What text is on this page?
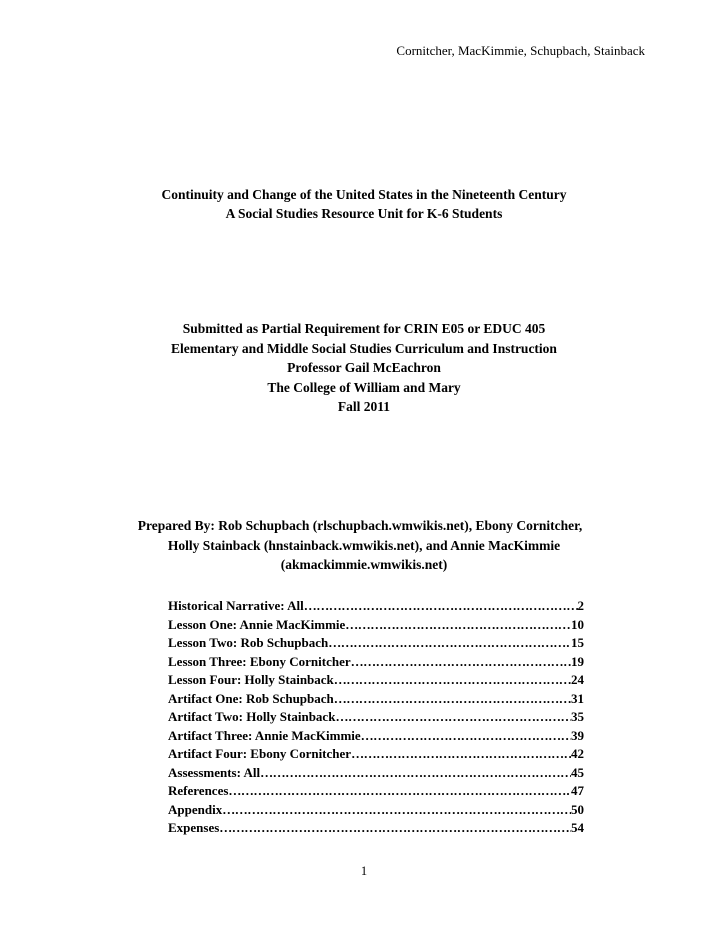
Cornitcher, MacKimmie, Schupbach, Stainback
Continuity and Change of the United States in the Nineteenth Century
A Social Studies Resource Unit for K-6 Students
Submitted as Partial Requirement for CRIN E05 or EDUC 405
Elementary and Middle Social Studies Curriculum and Instruction
Professor Gail McEachron
The College of William and Mary
Fall 2011
Prepared By: Rob Schupbach (rlschupbach.wmwikis.net), Ebony Cornitcher,
Holly Stainback (hnstainback.wmwikis.net), and Annie MacKimmie
(akmackimmie.wmwikis.net)
Historical Narrative: All ……………………………………………………………………………………………………	2
Lesson One: Annie MacKimmie ……………………………………………………………………………………………………	10
Lesson Two: Rob Schupbach ……………………………………………………………………………………………………	15
Lesson Three: Ebony Cornitcher ……………………………………………………………………………………………………	19
Lesson Four: Holly Stainback ……………………………………………………………………………………………………	24
Artifact One: Rob Schupbach ……………………………………………………………………………………………………	31
Artifact Two: Holly Stainback ……………………………………………………………………………………………………	35
Artifact Three: Annie MacKimmie ……………………………………………………………………………………………………	39
Artifact Four: Ebony Cornitcher ……………………………………………………………………………………………………	42
Assessments: All ……………………………………………………………………………………………………	45
References ……………………………………………………………………………………………………	47
Appendix ……………………………………………………………………………………………………	50
Expenses ……………………………………………………………………………………………………	54
1
